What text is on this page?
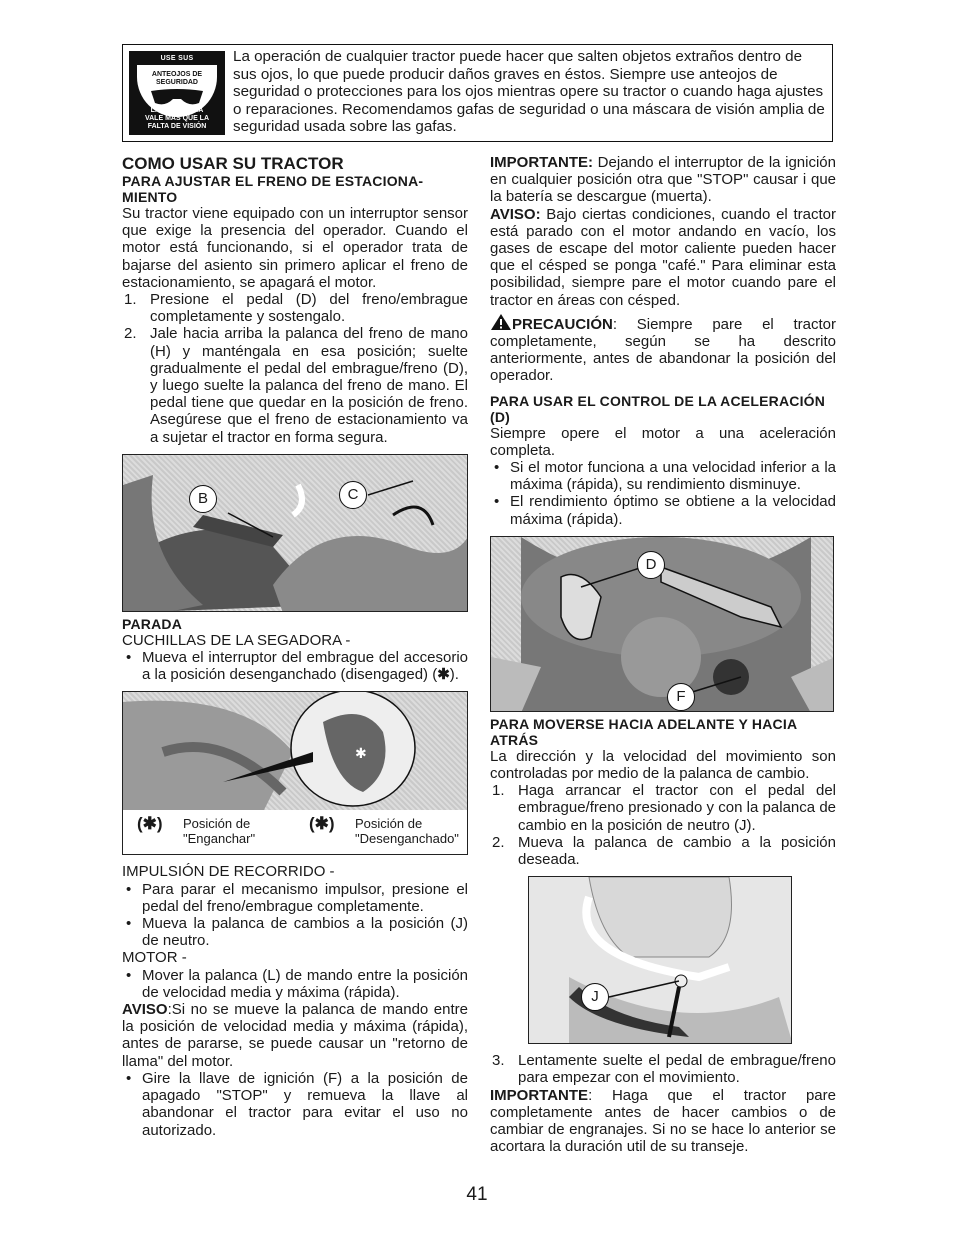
USE SUS
ANTEOJOS DE
SEGURIDAD
LA PRUDENCIA
VALE MÁS QUE LA
FALTA DE VISIÓN
La operación de cualquier tractor puede hacer que salten objetos extraños dentro de sus ojos, lo que puede producir daños graves en éstos. Siempre use anteojos de seguridad o protecciones para los ojos mientras opere su tractor o cuando haga ajustes o reparaciones. Recomendamos gafas de seguridad o una máscara de visión amplia de seguridad usada sobre las gafas.
COMO USAR SU TRACTOR
PARA AJUSTAR EL FRENO DE ESTACIONA-MIENTO

Su tractor viene equipado con un interruptor sensor que exige la presencia del operador. Cuando el motor está funcionando, si el operador trata de bajarse del asiento sin primero aplicar el freno de estacionamiento, se apagará el motor.

1. Presione el pedal (D) del freno/embrague completamente y sostengalo.
2. Jale hacia arriba la palanca del freno de mano (H) y manténgala en esa posición; suelte gradualmente el pedal del embrague/freno (D), y luego suelte la palanca del freno de mano. El pedal tiene que quedar en la posición de freno. Asegúrese que el freno de estacionamiento va a sujetar el tractor en forma segura.
B	C
PARADA
CUCHILLAS DE LA SEGADORA -
• Mueva el interruptor del embrague del accesorio a la posición desenganchado (disengaged) (✱).
✱
(✱)	Posición de
"Enganchar"
(✱)	Posición de
"Desenganchado"
IMPULSIÓN DE RECORRIDO -
• Para parar el mecanismo impulsor, presione el pedal del freno/embrague completamente.
• Mueva la palanca de cambios a la posición (J) de neutro.
MOTOR -
• Mover la palanca (L) de mando entre la posición de velocidad media y máxima (rápida).

AVISO:Si no se mueve la palanca de mando entre la posición de velocidad media y máxima (rápida), antes de pararse, se puede causar un "retorno de llama" del motor.

• Gire la llave de ignición (F) a la posición de apagado "STOP" y remueva la llave al abandonar el tractor para evitar el uso no autorizado.

IMPORTANTE: Dejando el interruptor de la ignición en cualquier posición otra que "STOP" causar i que la batería se descargue (muerta).

AVISO: Bajo ciertas condiciones, cuando el tractor está parado con el motor andando en vacío, los gases de escape del motor caliente pueden hacer que el césped se ponga "café." Para eliminar esta posibilidad, siempre pare el motor cuando pare el tractor en áreas con césped.

PRECAUCIÓN: Siempre pare el tractor completamente, según se ha descrito anteriormente, antes de abandonar la posición del operador.

PARA USAR EL CONTROL DE LA ACELERACIÓN (D)

Siempre opere el motor a una aceleración completa.

• Si el motor funciona a una velocidad inferior a la máxima (rápida), su rendimiento disminuye.
• El rendimiento óptimo se obtiene a la velocidad máxima (rápida).
D
F
PARA MOVERSE HACIA ADELANTE Y HACIA ATRÁS

La dirección y la velocidad del movimiento son controladas por medio de la palanca de cambio.

1. Haga arrancar el tractor con el pedal del embrague/freno presionado y con la palanca de cambio en la posición de neutro (J).
2. Mueva la palanca de cambio a la posición deseada.
J
3. Lentamente suelte el pedal de embrague/freno para empezar con el movimiento.

IMPORTANTE: Haga que el tractor pare completamente antes de hacer cambios o de cambiar de engranajes. Si no se hace lo anterior se acortara la duración util de su transeje.

41
